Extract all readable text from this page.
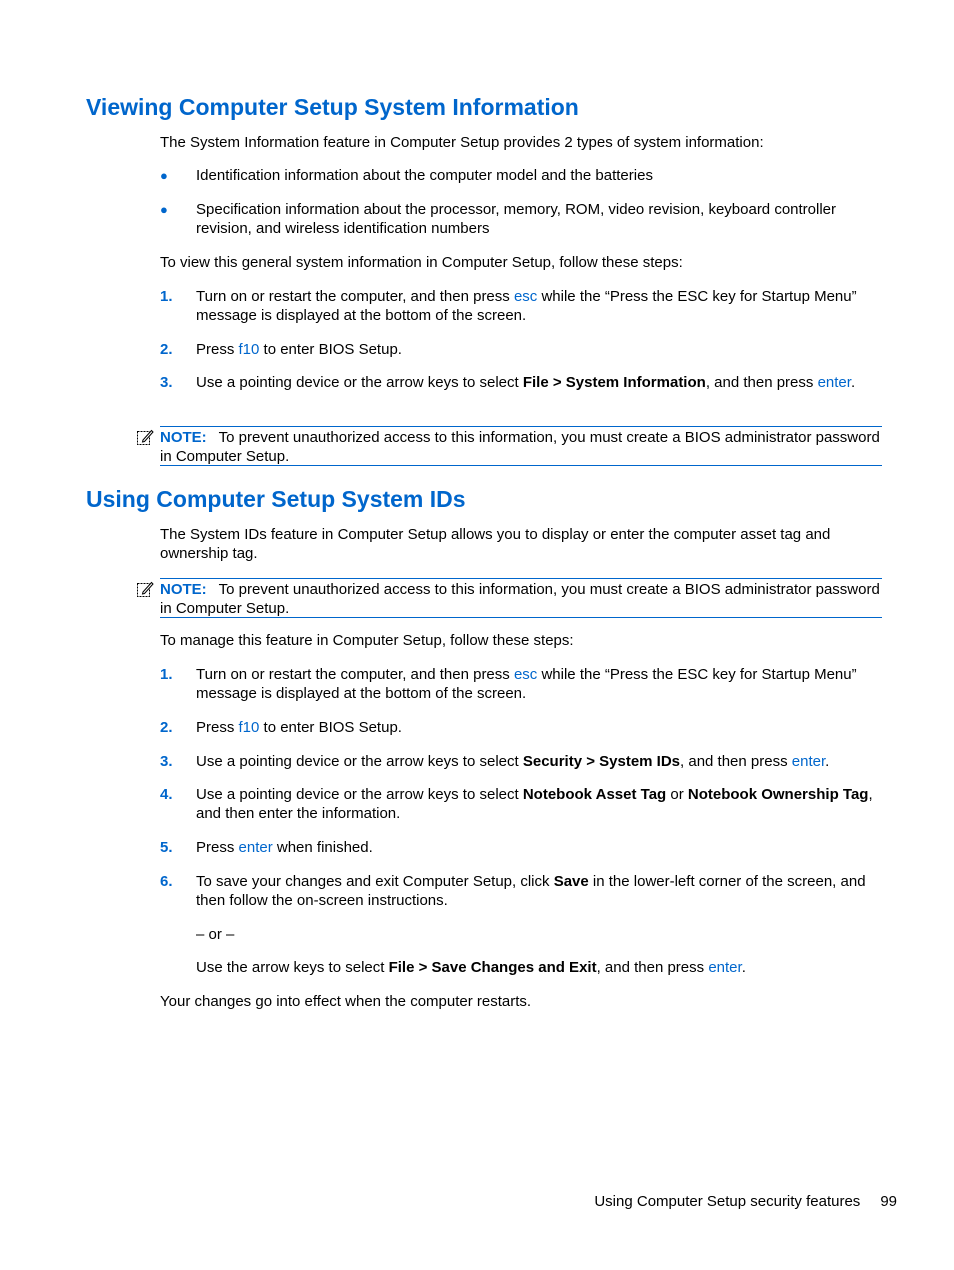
Viewing Computer Setup System Information
The System Information feature in Computer Setup provides 2 types of system information:
● Identification information about the computer model and the batteries
● Specification information about the processor, memory, ROM, video revision, keyboard controller revision, and wireless identification numbers
To view this general system information in Computer Setup, follow these steps:
1. Turn on or restart the computer, and then press esc while the “Press the ESC key for Startup Menu” message is displayed at the bottom of the screen.
2. Press f10 to enter BIOS Setup.
3. Use a pointing device or the arrow keys to select File > System Information, and then press enter.
NOTE: To prevent unauthorized access to this information, you must create a BIOS administrator password in Computer Setup.
Using Computer Setup System IDs
The System IDs feature in Computer Setup allows you to display or enter the computer asset tag and ownership tag.
NOTE: To prevent unauthorized access to this information, you must create a BIOS administrator password in Computer Setup.
To manage this feature in Computer Setup, follow these steps:
1. Turn on or restart the computer, and then press esc while the “Press the ESC key for Startup Menu” message is displayed at the bottom of the screen.
2. Press f10 to enter BIOS Setup.
3. Use a pointing device or the arrow keys to select Security > System IDs, and then press enter.
4. Use a pointing device or the arrow keys to select Notebook Asset Tag or Notebook Ownership Tag, and then enter the information.
5. Press enter when finished.
6. To save your changes and exit Computer Setup, click Save in the lower-left corner of the screen, and then follow the on-screen instructions.
– or –
Use the arrow keys to select File > Save Changes and Exit, and then press enter.
Your changes go into effect when the computer restarts.
Using Computer Setup security features 99
